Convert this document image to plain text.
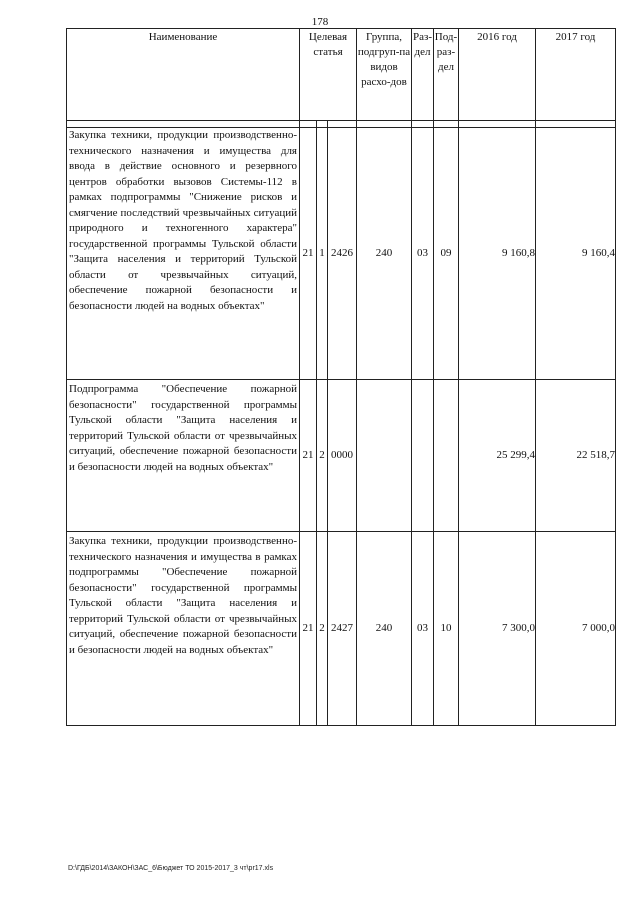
178
Наименование	Целевая статья			Группа, подгруп-па видов расхо-дов	Раз-дел	Под-раз-дел	2016 год	2017 год

Закупка техники, продукции производственно-технического назначения и имущества для ввода в действие основного и резервного центров обработки вызовов Системы-112 в рамках подпрограммы "Снижение рисков и смягчение последствий чрезвычайных ситуаций природного и техногенного характера" государственной программы Тульской области "Защита населения и территорий Тульской области от чрезвычайных ситуаций, обеспечение пожарной безопасности и безопасности людей на водных объектах"	21	1	2426	240	03	09	9 160,8	9 160,4
Подпрограмма "Обеспечение пожарной безопасности" государственной программы Тульской области "Защита населения и территорий Тульской области от чрезвычайных ситуаций, обеспечение пожарной безопасности и безопасности людей на водных объектах"	21	2	0000				25 299,4	22 518,7
Закупка техники, продукции производственно-технического назначения и имущества в рамках подпрограммы "Обеспечение пожарной безопасности" государственной программы Тульской области "Защита населения и территорий Тульской области от чрезвычайных ситуаций, обеспечение пожарной безопасности и безопасности людей на водных объектах"	21	2	2427	240	03	10	7 300,0	7 000,0
D:\ГДБ\2014\ЗАКОН\ЗАС_6\Бюджет ТО 2015-2017_3 чт\pr17.xls
